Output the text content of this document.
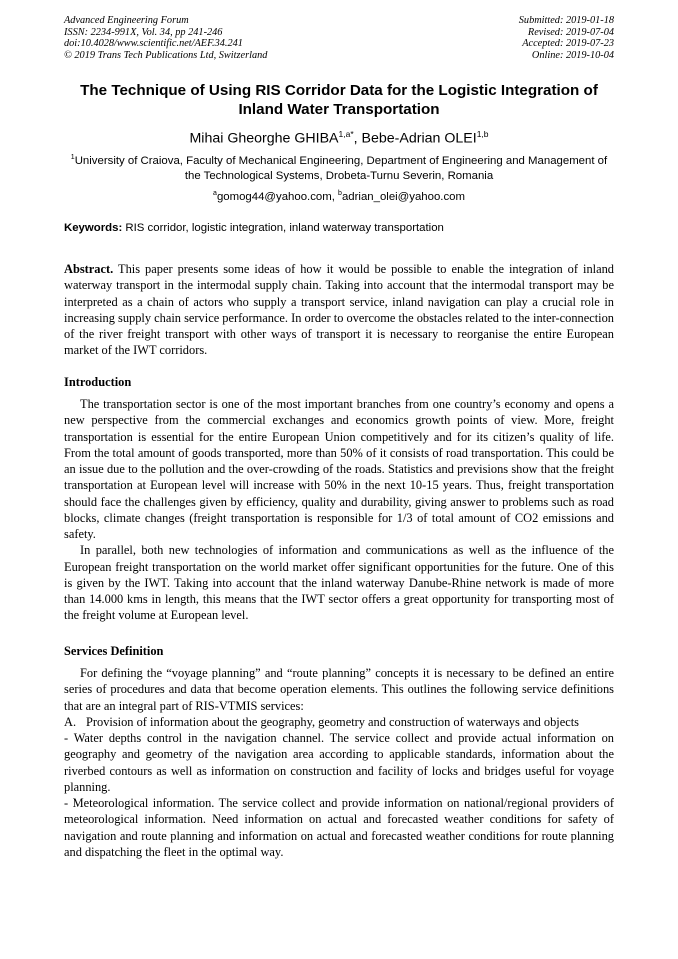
Advanced Engineering Forum
ISSN: 2234-991X, Vol. 34, pp 241-246
doi:10.4028/www.scientific.net/AEF.34.241
© 2019 Trans Tech Publications Ltd, Switzerland
Submitted: 2019-01-18
Revised: 2019-07-04
Accepted: 2019-07-23
Online: 2019-10-04
The Technique of Using RIS Corridor Data for the Logistic Integration of Inland Water Transportation
Mihai Gheorghe $GHIBA^{1,a*}$, Bebe-Adrian OLEI$^{1,b}$
$^1$University of Craiova, Faculty of Mechanical Engineering, Department of Engineering and Management of the Technological Systems, Drobeta-Turnu Severin, Romania
$^a$gomog44@yahoo.com, $^b$adrian_olei@yahoo.com
Keywords: RIS corridor, logistic integration, inland waterway transportation

Abstract. This paper presents some ideas of how it would be possible to enable the integration of inland waterway transport in the intermodal supply chain. Taking into account that the intermodal transport may be interpreted as a chain of actors who supply a transport service, inland navigation can play a crucial role in increasing supply chain service performance. In order to overcome the obstacles related to the inter-connection of the river freight transport with other ways of transport it is necessary to reorganise the entire European market of the IWT corridors.

Introduction

The transportation sector is one of the most important branches from one country’s economy and opens a new perspective from the commercial exchanges and economics growth points of view. More, freight transportation is essential for the entire European Union competitively and for its citizen’s quality of life. From the total amount of goods transported, more than 50% of it consists of road transportation. This could be an issue due to the pollution and the over-crowding of the roads. Statistics and previsions show that the freight transportation at European level will increase with 50% in the next 10-15 years. Thus, freight transportation should face the challenges given by efficiency, quality and durability, giving answer to problems such as road blocks, climate changes (freight transportation is responsible for 1/3 of total amount of CO2 emissions and safety.

In parallel, both new technologies of information and communications as well as the influence of the European freight transportation on the world market offer significant opportunities for the future. One of this is given by the IWT. Taking into account that the inland waterway Danube-Rhine network is made of more than 14.000 kms in length, this means that the IWT sector offers a great opportunity for transporting most of the freight volume at European level.

Services Definition

For defining the “voyage planning” and “route planning” concepts it is necessary to be defined an entire series of procedures and data that become operation elements. This outlines the following service definitions that are an integral part of RIS-VTMIS services:

A. Provision of information about the geography, geometry and construction of waterways and objects

- Water depths control in the navigation channel. The service collect and provide actual information on geography and geometry of the navigation area according to applicable standards, information about the riverbed contours as well as information on construction and facility of locks and bridges useful for voyage planning.

- Meteorological information. The service collect and provide information on national/regional providers of meteorological information. Need information on actual and forecasted weather conditions for safety of navigation and route planning and information on actual and forecasted weather conditions for route planning and dispatching the fleet in the optimal way.
